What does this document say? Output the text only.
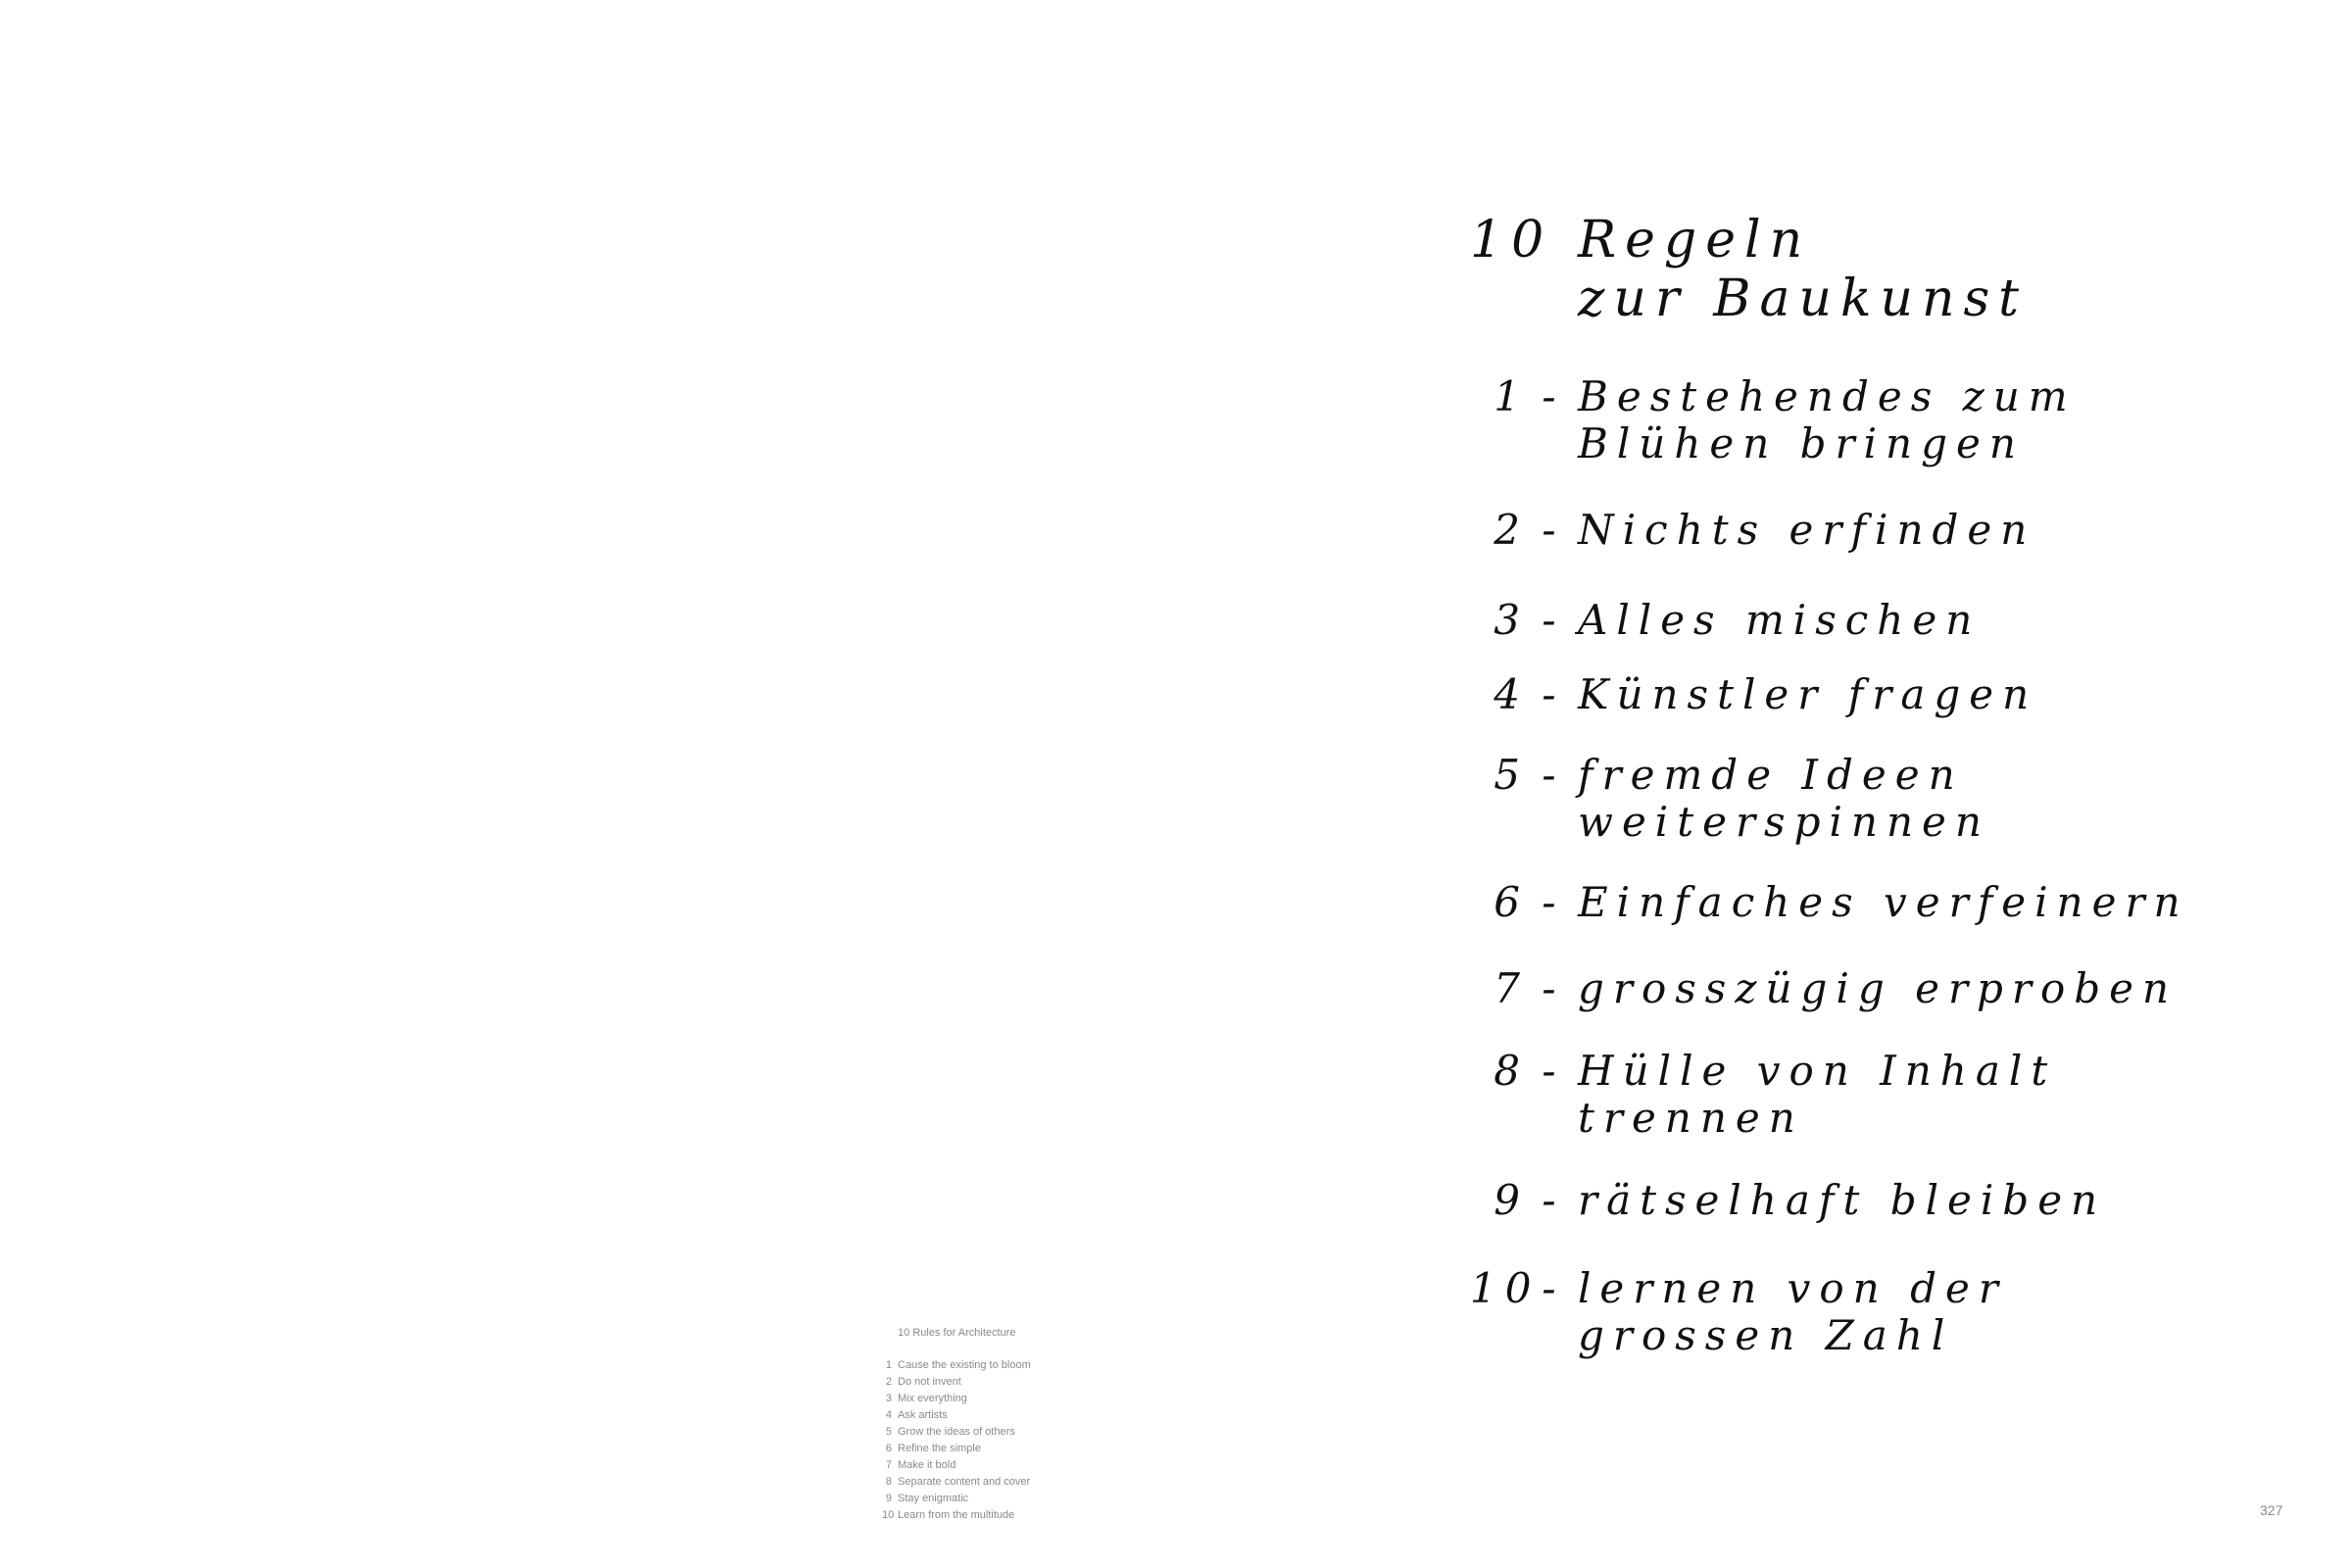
10 Regeln
zur Baukunst
1 - Bestehendes zum
Blühen bringen
2 - Nichts erfinden
3 - Alles mischen
4 - Künstler fragen
5 - fremde Ideen
weiterspinnen
6 - Einfaches verfeinern
7 - grosszügig erproben
8 - Hülle von Inhalt
trennen
9 - rätselhaft bleiben
10 - lernen von der
grossen Zahl
10 Rules for Architecture
1 Cause the existing to bloom
2 Do not invent
3 Mix everything
4 Ask artists
5 Grow the ideas of others
6 Refine the simple
7 Make it bold
8 Separate content and cover
9 Stay enigmatic
10 Learn from the multitude	327
